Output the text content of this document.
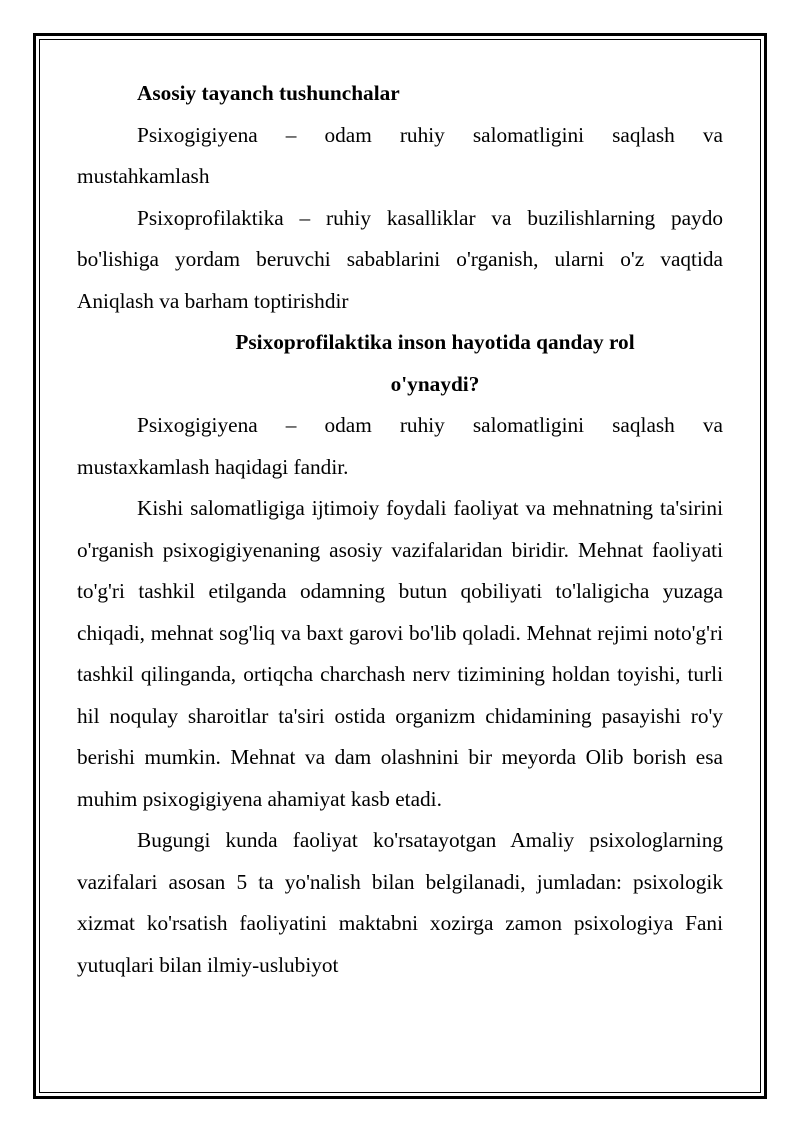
Asosiy tayanch tushunchalar

Psixogigiyena – odam ruhiy salomatligini saqlash va mustahkamlash

Psixoprofilaktika – ruhiy kasalliklar va buzilishlarning paydo bo'lishiga yordam beruvchi sabablarini o'rganish, ularni o'z vaqtida Aniqlash va barham toptirishdir

Psixoprofilaktika inson hayotida qanday rol
o'ynaydi?

Psixogigiyena – odam ruhiy salomatligini saqlash va mustaxkamlash haqidagi fandir.

Kishi salomatligiga ijtimoiy foydali faoliyat va mehnatning ta'sirini o'rganish psixogigiyenaning asosiy vazifalaridan biridir. Mehnat faoliyati to'g'ri tashkil etilganda odamning butun qobiliyati to'laligicha yuzaga chiqadi, mehnat sog'liq va baxt garovi bo'lib qoladi. Mehnat rejimi noto'g'ri tashkil qilinganda, ortiqcha charchash nerv tizimining holdan toyishi, turli hil noqulay sharoitlar ta'siri ostida organizm chidamining pasayishi ro'y berishi mumkin. Mehnat va dam olashnini bir meyorda Olib borish esa muhim psixogigiyena ahamiyat kasb etadi.

Bugungi kunda faoliyat ko'rsatayotgan Amaliy psixologlarning vazifalari asosan 5 ta yo'nalish bilan belgilanadi, jumladan: psixologik xizmat ko'rsatish faoliyatini maktabni xozirga zamon psixologiya Fani yutuqlari bilan ilmiy-uslubiyot
